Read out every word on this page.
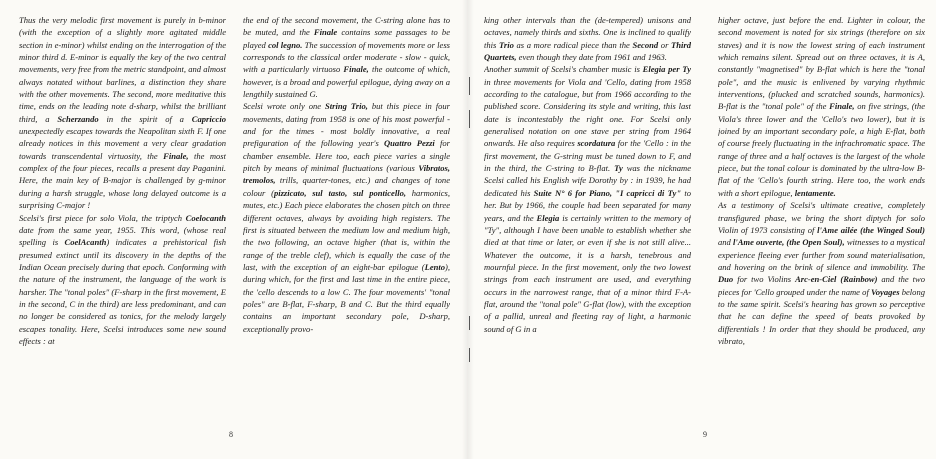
Thus the very melodic first movement is purely in b-minor (with the exception of a slightly more agitated middle section in e-minor) whilst ending on the interrogation of the minor third d. E-minor is equally the key of the two central movements, very free from the metric standpoint, and almost always notated without barlines, a distinction they share with the other movements. The second, more meditative this time, ends on the leading note d-sharp, whilst the brilliant third, a Scherzando in the spirit of a Capriccio unexpectedly escapes towards the Neapolitan sixth F. If one already notices in this movement a very clear gradation towards transcendental virtuosity, the Finale, the most complex of the four pieces, recalls a present day Paganini. Here, the main key of B-major is challenged by g-minor during a harsh struggle, whose long delayed outcome is a surprising C-major !

Scelsi's first piece for solo Viola, the triptych Coelocanth date from the same year, 1955. This word, (whose real spelling is CoelAcanth) indicates a prehistorical fish presumed extinct until its discovery in the depths of the Indian Ocean precisely during that epoch. Conforming with the nature of the instrument, the language of the work is harsher. The "tonal poles" (F-sharp in the first movement, E in the second, C in the third) are less predominant, and can no longer be considered as tonics, for the melody largely escapes tonality. Here, Scelsi introduces some new sound effects : at

the end of the second movement, the C-string alone has to be muted, and the Finale contains some passages to be played col legno. The succession of movements more or less corresponds to the classical order moderate - slow - quick, with a particularly virtuoso Finale, the outcome of which, however, is a broad and powerful epilogue, dying away on a lengthily sustained G.

Scelsi wrote only one String Trio, but this piece in four movements, dating from 1958 is one of his most powerful - and for the times - most boldly innovative, a real prefiguration of the following year's Quattro Pezzi for chamber ensemble. Here too, each piece varies a single pitch by means of minimal fluctuations (various Vibratos, tremolos, trills, quarter-tones, etc.) and changes of tone colour (pizzicato, sul tasto, sul ponticello, harmonics, mutes, etc.) Each piece elaborates the chosen pitch on three different octaves, always by avoiding high registers. The first is situated between the medium low and medium high, the two following, an octave higher (that is, within the range of the treble clef), which is equally the case of the last, with the exception of an eight-bar epilogue (Lento), during which, for the first and last time in the entire piece, the 'cello descends to a low C. The four movements' "tonal poles" are B-flat, F-sharp, B and C. But the third equally contains an important secondary pole, D-sharp, exceptionally provo-

8

king other intervals than the (de-tempered) unisons and octaves, namely thirds and sixths. One is inclined to qualify this Trio as a more radical piece than the Second or Third Quartets, even though they date from 1961 and 1963.

Another summit of Scelsi's chamber music is Elegia per Ty in three movements for Viola and 'Cello, dating from 1958 according to the catalogue, but from 1966 according to the published score. Considering its style and writing, this last date is incontestably the right one. For Scelsi only generalised notation on one stave per string from 1964 onwards. He also requires scordatura for the 'Cello : in the first movement, the G-string must be tuned down to F, and in the third, the C-string to B-flat. Ty was the nickname Scelsi called his English wife Dorothy by : in 1939, he had dedicated his Suite N° 6 for Piano, "I capricci di Ty" to her. But by 1966, the couple had been separated for many years, and the Elegia is certainly written to the memory of "Ty", although I have been unable to establish whether she died at that time or later, or even if she is not still alive... Whatever the outcome, it is a harsh, tenebrous and mournful piece. In the first movement, only the two lowest strings from each instrument are used, and everything occurs in the narrowest range, that of a minor third F-A-flat, around the "tonal pole" G-flat (low), with the exception of a pallid, unreal and fleeting ray of light, a harmonic sound of G in a

higher octave, just before the end. Lighter in colour, the second movement is noted for six strings (therefore on six staves) and it is now the lowest string of each instrument which remains silent. Spread out on three octaves, it is A, constantly "magnetised" by B-flat which is here the "tonal pole", and the music is enlivened by varying rhythmic interventions, (plucked and scratched sounds, harmonics). B-flat is the "tonal pole" of the Finale, on five strings, (the Viola's three lower and the 'Cello's two lower), but it is joined by an important secondary pole, a high E-flat, both of course freely fluctuating in the infrachromatic space. The range of three and a half octaves is the largest of the whole piece, but the tonal colour is dominated by the ultra-low B-flat of the 'Cello's fourth string. Here too, the work ends with a short epilogue, lentamente.

As a testimony of Scelsi's ultimate creative, completely transfigured phase, we bring the short diptych for solo Violin of 1973 consisting of l'Ame ailée (the Winged Soul) and l'Ame ouverte, (the Open Soul), witnesses to a mystical experience fleeing ever further from sound materialisation, and hovering on the brink of silence and immobility. The Duo for two Violins Arc-en-Ciel (Rainbow) and the two pieces for 'Cello grouped under the name of Voyages belong to the same spirit. Scelsi's hearing has grown so perceptive that he can define the speed of beats provoked by differentials ! In order that they should be produced, any vibrato,

9
